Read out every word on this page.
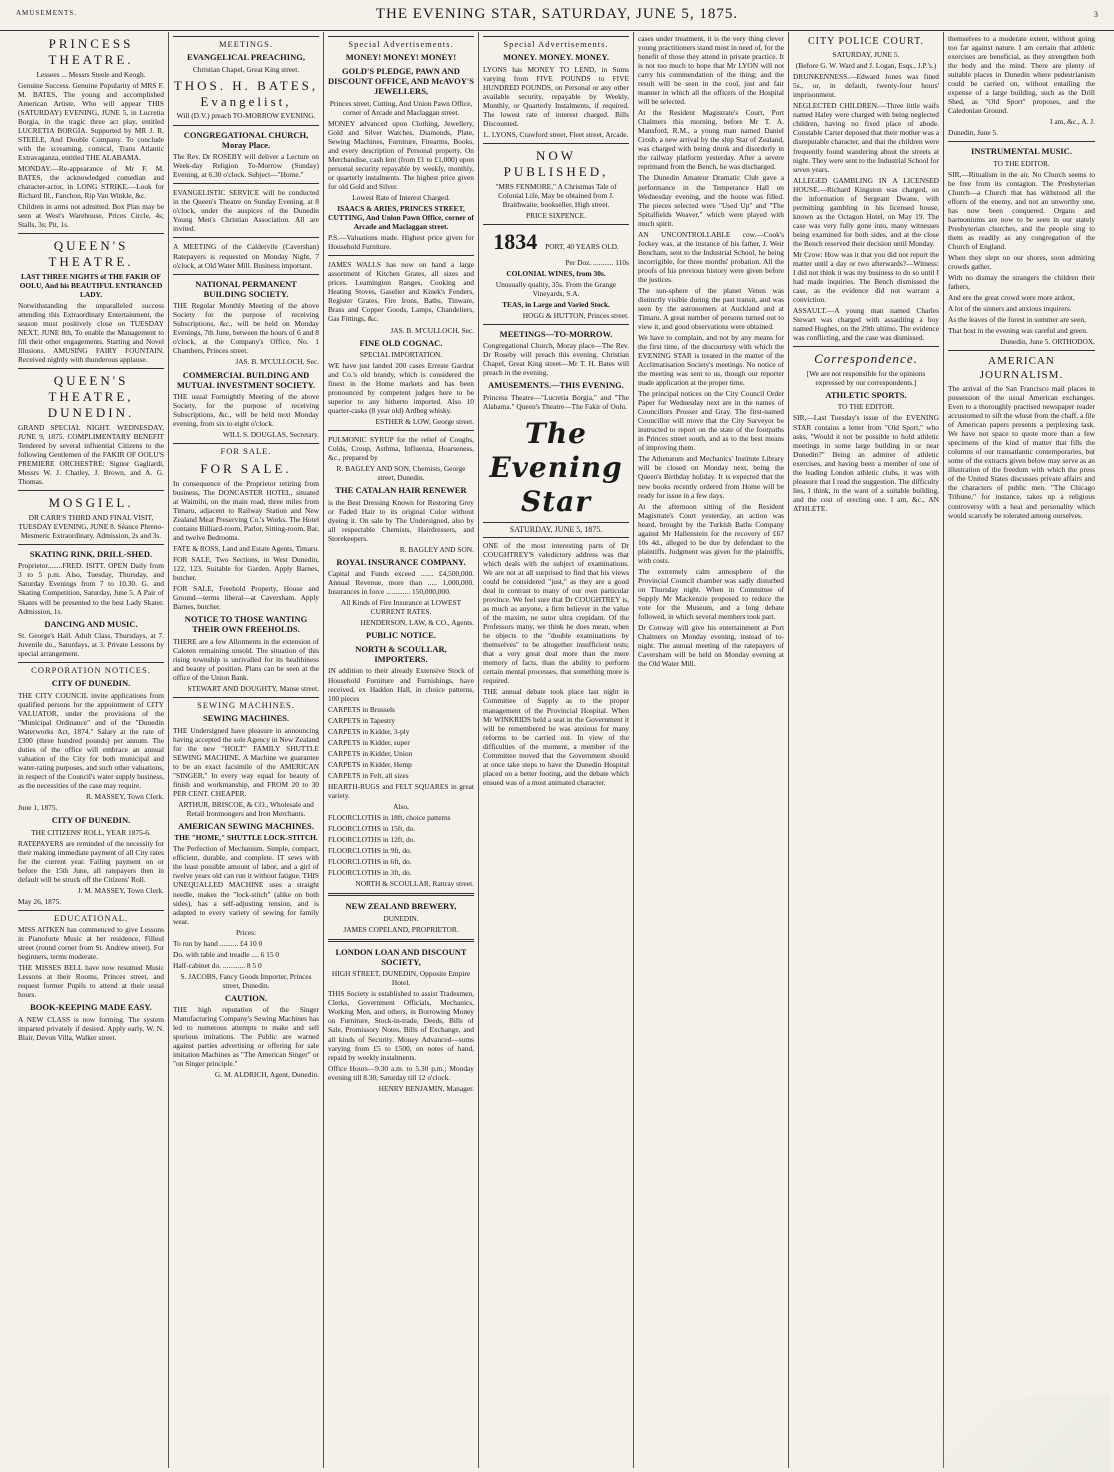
AMUSEMENTS.	THE EVENING STAR, SATURDAY, JUNE 5, 1875.	3
PRINCESS THEATRE.

Lessees ... Messrs Steele and Keogh.

Genuine Success. Genuine Popularity of MRS F. M. BATES, The young and accomplished American Artiste, Who will appear THIS (SATURDAY) EVENING, JUNE 5, in Lucretia Borgia, in the tragic three act play, entitled LUCRETIA BORGIA. Supported by MR J. R. STEELE, And Double Company. To conclude with the screaming, comical, Trans Atlantic Extravaganza, entitled THE ALABAMA.

MONDAY.—Re-appearance of Mr F. M. BATES, the acknowledged comedian and character-actor, in LONG STRIKE.—Look for Richard Ill., Fanchon, Rip Van Winkle, &c.

Children in arms not admitted. Box Plan may be seen at West's Warehouse, Prices Circle, 4s; Stalls, 3s; Pit, 1s.

QUEEN'S THEATRE.

LAST THREE NIGHTS of THE FAKIR OF OOLU, And his BEAUTIFUL ENTRANCED LADY.

Notwithstanding the unparalleled success attending this Extraordinary Entertainment, the season must positively close on TUESDAY NEXT, JUNE 8th, To enable the Management to fill their other engagements. Starting and Novel Illusions. AMUSING FAIRY FOUNTAIN. Received nightly with thunderous applause.

QUEEN'S THEATRE, DUNEDIN.

GRAND SPECIAL NIGHT. WEDNESDAY, JUNE 9, 1875. COMPLIMENTARY BENEFIT Tendered by several influential Citizens to the following Gentlemen of the FAKIR OF OOLU'S PREMIERE ORCHESTRE: Signor Gagliardi, Messrs W. J. Chatley, J. Brown, and A. G. Thomas.

MOSGIEL.

DR CARR'S THIRD AND FINAL VISIT, TUESDAY EVENING, JUNE 8. Séance Phreno-Mesmeric Extraordinary. Admission, 2s and 3s.

SKATING RINK, DRILL-SHED.

Proprietor........FRED. ISITT. OPEN Daily from 3 to 5 p.m. Also, Tuesday, Thursday, and Saturday Evenings from 7 to 10.30. G. and Skating Competition, Saturday, June 5. A Pair of Skates will be presented to the best Lady Skater. Admission, 1s.

DANCING AND MUSIC.

St. George's Hall. Adult Class, Thursdays, at 7. Juvenile do., Saturdays, at 3. Private Lessons by special arrangement.

CORPORATION NOTICES.
CITY OF DUNEDIN.

THE CITY COUNCIL invite applications from qualified persons for the appointment of CITY VALUATOR, under the provisions of the "Municipal Ordinance" and of the "Dunedin Waterworks Act, 1874." Salary at the rate of £300 (three hundred pounds) per annum. The duties of the office will embrace an annual valuation of the City for both municipal and water-rating purposes, and such other valuations, in respect of the Council's water supply business, as the necessities of the case may require.

R. MASSEY, Town Clerk.

June 1, 1875.

CITY OF DUNEDIN.

THE CITIZENS' ROLL, YEAR 1875-6.

RATEPAYERS are reminded of the necessity for their making immediate payment of all City rates for the current year. Failing payment on or before the 15th June, all ratepayers then in default will be struck off the Citizens' Roll.

J. M. MASSEY, Town Clerk.

May 26, 1875.

EDUCATIONAL.

MISS AITKEN has commenced to give Lessons in Pianoforte Music at her residence, Filleul street (round corner from St. Andrew street). For beginners, terms moderate.

THE MISSES BELL have now resumed Music Lessons at their Rooms, Princes street, and request former Pupils to attend at their usual hours.

BOOK-KEEPING MADE EASY.

A NEW CLASS is now forming. The system imparted privately if desired. Apply early, W. N. Blair, Devon Villa, Walker street.

MEETINGS.
EVANGELICAL PREACHING,

Christian Chapel, Great King street.

THOS. H. BATES, Evangelist,

Will (D.V.) preach TO-MORROW EVENING.

CONGREGATIONAL CHURCH, Moray Place.

The Rev. Dr ROSEBY will deliver a Lecture on Week-day Religion To-Morrow (Sunday) Evening, at 6.30 o'clock. Subject—"Home."

EVANGELISTIC SERVICE will be conducted in the Queen's Theatre on Sunday Evening, at 8 o'clock, under the auspices of the Dunedin Young Men's Christian Association. All are invited.

A MEETING of the Caldervile (Cavershan) Ratepayers is requested on Monday Night, 7 o'clock, at Old Water Mill. Business important.

NATIONAL PERMANENT BUILDING SOCIETY.

THE Regular Monthly Meeting of the above Society for the purpose of receiving Subscriptions, &c., will be held on Monday Evenings, 7th June, between the hours of 6 and 8 o'clock, at the Company's Office, No. 1 Chambers, Princes street.

JAS. B. M'CULLOCH, Sec.

COMMERCIAL BUILDING AND MUTUAL INVESTMENT SOCIETY.

THE usual Fortnightly Meeting of the above Society, for the purpose of receiving Subscriptions, &c., will be held next Monday evening, from six to eight o'clock.

WILL S. DOUGLAS, Secretary.

FOR SALE.
FOR SALE.

In consequence of the Proprietor retiring from business, The DONCASTER HOTEL, situated at Waimihi, on the main road, three miles from Timaru, adjacent to Railway Station and New Zealand Meat Preserving Co.'s Works. The Hotel contains Billiard-room, Parlor, Sitting-room, Bar, and twelve Bedrooms.

FATE & ROSS, Land and Estate Agents, Timaru.

FOR SALE, Two Sections, in West Dunedin, 122, 123. Suitable for Garden. Apply Barnes, butcher.

FOR SALE, Freehold Property, House and Ground—terms liberal—at Caversham. Apply Barnes, butcher.

NOTICE TO THOSE WANTING THEIR OWN FREEHOLDS.

THERE are a few Allotments in the extension of Caloten remaining unsold. The situation of this rising township is unrivalled for its healthiness and beauty of position. Plans can be seen at the office of the Union Bank.

STEWART AND DOUGHTY, Manse street.

SEWING MACHINES.
SEWING MACHINES.

THE Undersigned have pleasure in announcing having accepted the sole Agency in New Zealand for the new "HOLT" FAMILY SHUTTLE SEWING MACHINE. A Machine we guarantee to be an exact facsimile of the AMERICAN "SINGER," In every way equal for beauty of finish and workmanship, and FROM 20 to 30 PER CENT. CHEAPER.

ARTHUR, BRISCOE, & CO., Wholesale and Retail Ironmongers and Iron Merchants.

AMERICAN SEWING MACHINES.

THE "HOME," SHUTTLE LOCK-STITCH.

The Perfection of Mechanism. Simple, compact, efficient, durable, and complete. IT sews with the least possible amount of labor, and a girl of twelve years old can run it without fatigue. THIS UNEQUALLED MACHINE uses a straight needle, makes the "lock-stitch" (alike on both sides), has a self-adjusting tension, and is adapted to every variety of sewing for family wear.

Prices:

To run by hand .......... £4 10 0

Do. with table and treadle .... 6 15 0

Half-cabinet do. ............ 8 5 0

S. JACOBS, Fancy Goods Importer, Princes street, Dunedin.

CAUTION.

THE high reputation of the Singer Manufacturing Company's Sewing Machines has led to numerous attempts to make and sell spurious imitations. The Public are warned against parties advertising or offering for sale imitation Machines as "The American Singer" or "on Singer principle."

G. M. ALDRICH, Agent, Dunedin.

Special Advertisements.
MONEY! MONEY! MONEY!
GOLD'S PLEDGE, PAWN AND DISCOUNT OFFICE, AND McAVOY'S JEWELLERS,

Princes street, Cutting, And Union Pawn Office, corner of Arcade and Maclaggan street.

MONEY advanced upon Clothing, Jewellery, Gold and Silver Watches, Diamonds, Plate, Sewing Machines, Furniture, Firearms, Books, and every description of Personal property. On Merchandise, cash lent (from £1 to £1,000) upon personal security repayable by weekly, monthly, or quarterly instalments. The highest price given for old Gold and Silver.

Lowest Rate of Interest Charged.

ISAACS & ARIES, PRINCES STREET, CUTTING, And Union Pawn Office, corner of Arcade and Maclaggan street.

P.S.—Valuations made. Highest price given for Household Furniture.

JAMES WALLS has now on hand a large assortment of Kitchen Grates, all sizes and prices. Leamington Ranges, Cooking and Heating Stoves, Gaselier and Kinek's Fenders, Register Grates, Fire Irons, Baths, Tinware, Brass and Copper Goods, Lamps, Chandeliers, Gas Fittings, &c.

JAS. B. M'CULLOCH, Sec.

FINE OLD COGNAC.

SPECIAL IMPORTATION.

WE have just landed 200 cases Erreste Gardrat and Co.'s old brandy, which is considered the finest in the Home markets and has been pronounced by competent judges here to be superior to any hitherto imported. Also 10 quarter-casks (8 year old) Ardbeg whisky.

ESTHER & LOW, George street.

PULMONIC SYRUP for the relief of Coughs, Colds, Croup, Asthma, Influenza, Hoarseness, &c., prepared by

R. BAGLEY AND SON, Chemists, George street, Dunedin.

THE CATALAN HAIR RENEWER

is the Best Dressing Known for Restoring Grey or Faded Hair to its original Color without dyeing it. On sale by The Undersigned, also by all respectable Chemists, Hairdressers, and Storekeepers.

R. BAGLEY AND SON.

ROYAL INSURANCE COMPANY.

Capital and Funds exceed ....... £4,500,000. Annual Revenue, more than ..... 1,000,000. Insurances in force ............. 150,000,000.

All Kinds of Fire Insurance at LOWEST CURRENT RATES.

HENDERSON, LAW, & CO., Agents.

PUBLIC NOTICE.
NORTH & SCOULLAR, IMPORTERS.

IN addition to their already Extensive Stock of Household Furniture and Furnishings, have received, ex Haddon Hall, in choice patterns, 100 pieces

CARPETS in Brussels

CARPETS in Tapestry

CARPETS in Kidder, 3-ply

CARPETS in Kidder, super

CARPETS in Kidder, Union

CARPETS in Kidder, Hemp

CARPETS in Felt, all sizes

HEARTH-RUGS and FELT SQUARES in great variety.

Also,

FLOORCLOTHS in 18ft, choice patterns

FLOORCLOTHS in 15ft, do.

FLOORCLOTHS in 12ft, do.

FLOORCLOTHS in 9ft, do.

FLOORCLOTHS in 6ft, do.

FLOORCLOTHS in 3ft, do.

NORTH & SCOULLAR, Rattray street.

NEW ZEALAND BREWERY,

DUNEDIN.

JAMES COPELAND, PROPRIETOR.

LONDON LOAN AND DISCOUNT SOCIETY,

HIGH STREET, DUNEDIN, Opposite Empire Hotel.

THIS Society is established to assist Tradesmen, Clerks, Government Officials, Mechanics, Working Men, and others, in Borrowing Money on Furniture, Stock-in-trade, Deeds, Bills of Sale, Promissory Notes, Bills of Exchange, and all kinds of Security. Money Advanced—sums varying from £5 to £500, on notes of hand, repaid by weekly instalments.

Office Hours—9.30 a.m. to 5.30 p.m.; Monday evening till 8.30, Saturday till 12 o'clock.

HENRY BENJAMIN, Manager.

Special Advertisements.
MONEY. MONEY. MONEY.

LYONS has MONEY TO LEND, in Sums varying from FIVE POUNDS to FIVE HUNDRED POUNDS, on Personal or any other available security, repayable by Weekly, Monthly, or Quarterly Instalments, if required. The lowest rate of interest charged. Bills Discounted.

L. LYONS, Crawford street, Fleet street, Arcade.

NOW PUBLISHED,

"MRS FENMORE," A Christmas Tale of Colonial Life, May be obtained from J. Braithwaite, bookseller, High street.

PRICE SIXPENCE.

1834 PORT, 40 YEARS OLD.

Per Doz. ........... 110s

COLONIAL WINES, from 30s.

Unusually quality, 35s. From the Grange Vineyards, S.A.

TEAS, in Large and Varied Stock.

HOGG & HUTTON, Princes street.

MEETINGS—TO-MORROW.

Congregational Church, Moray place—The Rev. Dr Roseby will preach this evening. Christian Chapel, Great King street—Mr T. H. Bates will preach in the evening.

AMUSEMENTS.—THIS EVENING.

Princess Theatre—"Lucretia Borgia," and "The Alabama." Queen's Theatre—The Fakir of Oolu.

The Evening Star
SATURDAY, JUNE 5, 1875.

ONE of the most interesting parts of Dr COUGHTREY'S valedictory address was that which deals with the subject of examinations. We are not at all surprised to find that his views could be considered "just," as they are a good deal in contrast to many of our own particular province. We feel sure that Dr COUGHTREY is, as much as anyone, a firm believer in the value of the maxim, ne sutor ultra crepidam. Of the Professors many, we think he does mean, when he objects to the "double examinations by themselves" to be altogether insufficient tests; that a very great deal more than the mere memory of facts, than the ability to perform certain mental processes, that something more is required.

THE annual debate took place last night in Committee of Supply as to the proper management of the Provincial Hospital. When Mr WINKRIDS held a seat in the Government it will be remembered he was anxious for many reforms to be carried out. In view of the difficulties of the moment, a member of the Committee moved that the Government should at once take steps to have the Dunedin Hospital placed on a better footing, and the debate which ensued was of a most animated character.

cases under treatment, it is the very thing clever young practitioners stand most in need of, for the benefit of those they attend in private practice. It is not too much to hope that Mr LYON will not carry his commendation of the thing; and the result will be seen in the cool, just and fair manner in which all the officers of the Hospital will be selected.

At the Resident Magistrate's Court, Port Chalmers this morning, before Mr T. A. Mansford, R.M., a young man named Daniel Crosb, a new arrival by the ship Star of Zealand, was charged with being drunk and disorderly in the railway platform yesterday. After a severe reprimand from the Bench, he was discharged.

The Dunedin Amateur Dramatic Club gave a performance in the Temperance Hall on Wednesday evening, and the house was filled. The pieces selected were "Used Up" and "The Spitalfields Weaver," which were played with much spirit.

AN UNCONTROLLABLE cow.—Cook's Jockey was, at the instance of his father, J. Weir Bencham, sent to the Industrial School, he being incorrigible, for three months' probation. All the proofs of his previous history were given before the justices.

The sun-sphere of the planet Venus was distinctly visible during the past transit, and was seen by the astronomers at Auckland and at Timaru. A great number of persons turned out to view it, and good observations were obtained.

We have to complain, and not by any means for the first time, of the discourtesy with which the EVENING STAR is treated in the matter of the Acclimatisation Society's meetings. No notice of the meeting was sent to us, though our reporter made application at the proper time.

The principal notices on the City Council Order Paper for Wednesday next are in the names of Councillors Prosser and Gray. The first-named Councillor will move that the City Surveyor be instructed to report on the state of the footpaths in Princes street south, and as to the best means of improving them.

The Athenæum and Mechanics' Institute Library will be closed on Monday next, being the Queen's Birthday holiday. It is expected that the new books recently ordered from Home will be ready for issue in a few days.

At the afternoon sitting of the Resident Magistrate's Court yesterday, an action was heard, brought by the Turkish Baths Company against Mr Hallenstein for the recovery of £67 10s 4d., alleged to be due by defendant to the plaintiffs. Judgment was given for the plaintiffs, with costs.

The extremely calm atmosphere of the Provincial Council chamber was sadly disturbed on Thursday night. When in Committee of Supply Mr Mackenzie proposed to reduce the vote for the Museum, and a long debate followed, in which several members took part.

Dr Conway will give his entertainment at Port Chalmers on Monday evening, instead of to-night. The annual meeting of the ratepayers of Caversham will be held on Monday evening at the Old Water Mill.

CITY POLICE COURT.

SATURDAY, JUNE 5.

(Before G. W. Ward and J. Logan, Esqs., J.P.'s.)

DRUNKENNESS.—Edward Jones was fined 5s., or, in default, twenty-four hours' imprisonment.

NEGLECTED CHILDREN.—Three little waifs named Haley were charged with being neglected children, having no fixed place of abode. Constable Carter deposed that their mother was a disreputable character, and that the children were frequently found wandering about the streets at night. They were sent to the Industrial School for seven years.

ALLEGED GAMBLING IN A LICENSED HOUSE.—Richard Kingston was charged, on the information of Sergeant Dwane, with permitting gambling in his licensed house, known as the Octagon Hotel, on May 19. The case was very fully gone into, many witnesses being examined for both sides, and at the close the Bench reserved their decision until Monday.

Mr Crow: How was it that you did not report the matter until a day or two afterwards?—Witness: I did not think it was my business to do so until I had made inquiries. The Bench dismissed the case, as the evidence did not warrant a conviction.

ASSAULT.—A young man named Charles Stewart was charged with assaulting a boy named Hughes, on the 29th ultimo. The evidence was conflicting, and the case was dismissed.

Correspondence.

[We are not responsible for the opinions expressed by our correspondents.]

ATHLETIC SPORTS.

TO THE EDITOR.

SIR,—Last Tuesday's issue of the EVENING STAR contains a letter from "Old Sport," who asks, "Would it not be possible to hold athletic meetings in some large building in or near Dunedin?" Being an admirer of athletic exercises, and having been a member of one of the leading London athletic clubs, it was with pleasure that I read the suggestion. The difficulty lies, I think, in the want of a suitable building, and the cost of erecting one. I am, &c., AN ATHLETE.

themselves to a moderate extent, without going too far against nature. I am certain that athletic exercises are beneficial, as they strengthen both the body and the mind. There are plenty of suitable places in Dunedin where pedestrianism could be carried on, without entailing the expense of a large building, such as the Drill Shed, as "Old Sport" proposes, and the Caledonian Ground.

I am, &c., A. J.

Dunedin, June 5.

INSTRUMENTAL MUSIC.

TO THE EDITOR.

SIR,—Ritualism in the air. No Church seems to be free from its contagion. The Presbyterian Church—a Church that has withstood all the efforts of the enemy, and not an unworthy one, has now been conquered. Organs and harmoniums are now to be seen in our stately Presbyterian churches, and the people sing to them as readily as any congregation of the Church of England.

When they slept on our shores, soon admiring crowds gather,

With no dismay the strangers the children their fathers,

And ere the great crowd were more ardent,

A lot of the sinners and anxious inquirers.

As the leaves of the forest in summer are seen,

That host in the evening was careful and green.

Dunedin, June 5. ORTHODOX.

AMERICAN JOURNALISM.

The arrival of the San Francisco mail places in possession of the usual American exchanges. Even to a thoroughly practised newspaper reader accustomed to sift the wheat from the chaff, a file of American papers presents a perplexing task. We have not space to quote more than a few specimens of the kind of matter that fills the columns of our transatlantic contemporaries, but some of the extracts given below may serve as an illustration of the freedom with which the press of the United States discusses private affairs and the characters of public men. "The Chicago Tribune," for instance, takes up a religious controversy with a heat and personality which would scarcely be tolerated among ourselves.
